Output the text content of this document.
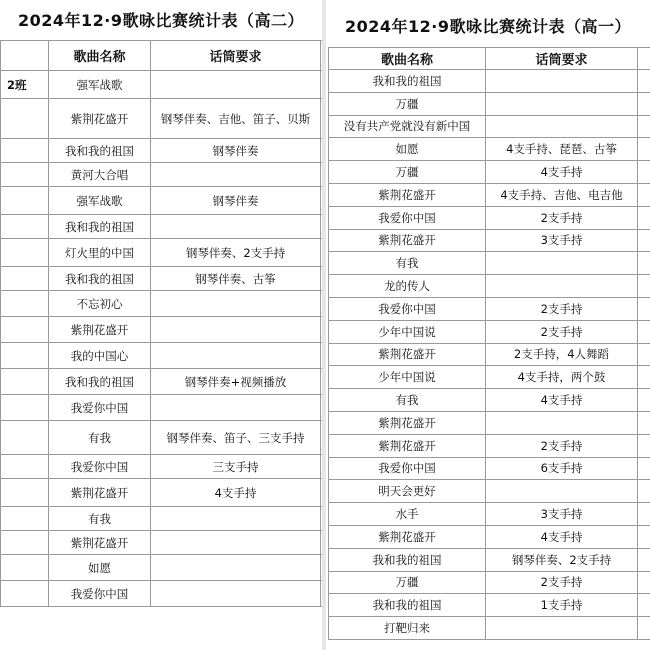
2024年12·9歌咏比赛统计表（高二）
	歌曲名称	话筒要求	
2班	强军战歌		
	紫荆花盛开	钢琴伴奏、吉他、笛子、贝斯	
	我和我的祖国	钢琴伴奏	
	黄河大合唱		
	强军战歌	钢琴伴奏	
	我和我的祖国		
	灯火里的中国	钢琴伴奏、2支手持	
	我和我的祖国	钢琴伴奏、古筝	
	不忘初心		
	紫荆花盛开		
	我的中国心		
	我和我的祖国	钢琴伴奏+视频播放	
	我爱你中国		
	有我	钢琴伴奏、笛子、三支手持	
	我爱你中国	三支手持	
	紫荆花盛开	4支手持	
	有我		
	紫荆花盛开		
	如愿		
	我爱你中国		
2024年12·9歌咏比赛统计表（高一）
歌曲名称	话筒要求	
我和我的祖国		
万疆		
没有共产党就没有新中国		
如愿	4支手持、琵琶、古筝	
万疆	4支手持	
紫荆花盛开	4支手持、吉他、电吉他	
我爱你中国	2支手持	
紫荆花盛开	3支手持	
有我		
龙的传人		
我爱你中国	2支手持	
少年中国说	2支手持	
紫荆花盛开	2支手持，4人舞蹈	
少年中国说	4支手持，两个鼓	
有我	4支手持	
紫荆花盛开		
紫荆花盛开	2支手持	
我爱你中国	6支手持	
明天会更好		
水手	3支手持	
紫荆花盛开	4支手持	
我和我的祖国	钢琴伴奏、2支手持	
万疆	2支手持	
我和我的祖国	1支手持	
打靶归来		
